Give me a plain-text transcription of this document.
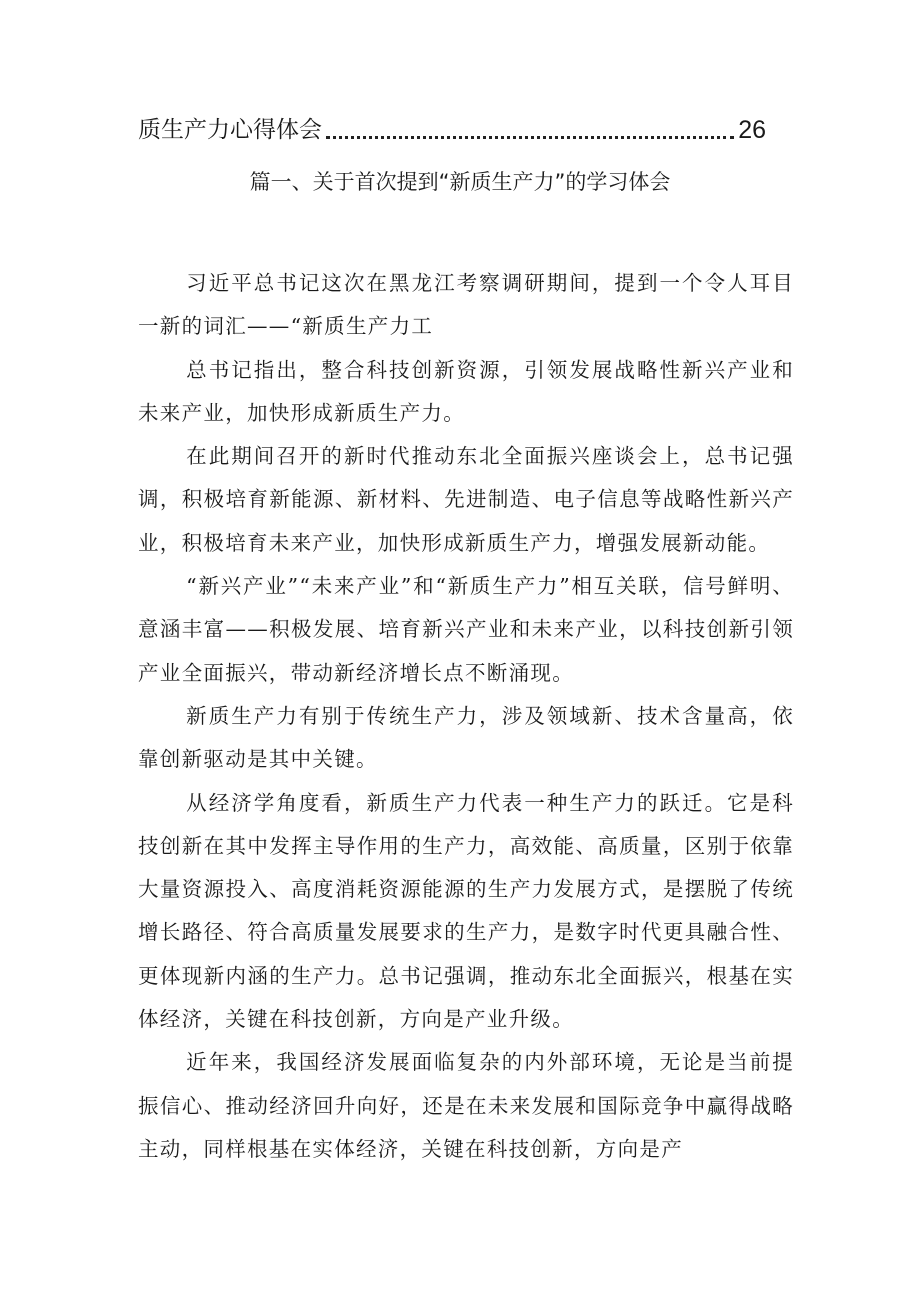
质生产力心得体会	26
篇一、关于首次提到“新质生产力”的学习体会

习近平总书记这次在黑龙江考察调研期间，提到一个令人耳目一新的词汇——“新质生产力工

总书记指出，整合科技创新资源，引领发展战略性新兴产业和未来产业，加快形成新质生产力。

在此期间召开的新时代推动东北全面振兴座谈会上，总书记强调，积极培育新能源、新材料、先进制造、电子信息等战略性新兴产业，积极培育未来产业，加快形成新质生产力，增强发展新动能。

“新兴产业”“未来产业”和“新质生产力”相互关联，信号鲜明、意涵丰富——积极发展、培育新兴产业和未来产业，以科技创新引领产业全面振兴，带动新经济增长点不断涌现。

新质生产力有别于传统生产力，涉及领域新、技术含量高，依靠创新驱动是其中关键。

从经济学角度看，新质生产力代表一种生产力的跃迁。它是科技创新在其中发挥主导作用的生产力，高效能、高质量，区别于依靠大量资源投入、高度消耗资源能源的生产力发展方式，是摆脱了传统增长路径、符合高质量发展要求的生产力，是数字时代更具融合性、更体现新内涵的生产力。总书记强调，推动东北全面振兴，根基在实体经济，关键在科技创新，方向是产业升级。

近年来，我国经济发展面临复杂的内外部环境，无论是当前提振信心、推动经济回升向好，还是在未来发展和国际竞争中赢得战略主动，同样根基在实体经济，关键在科技创新，方向是产
